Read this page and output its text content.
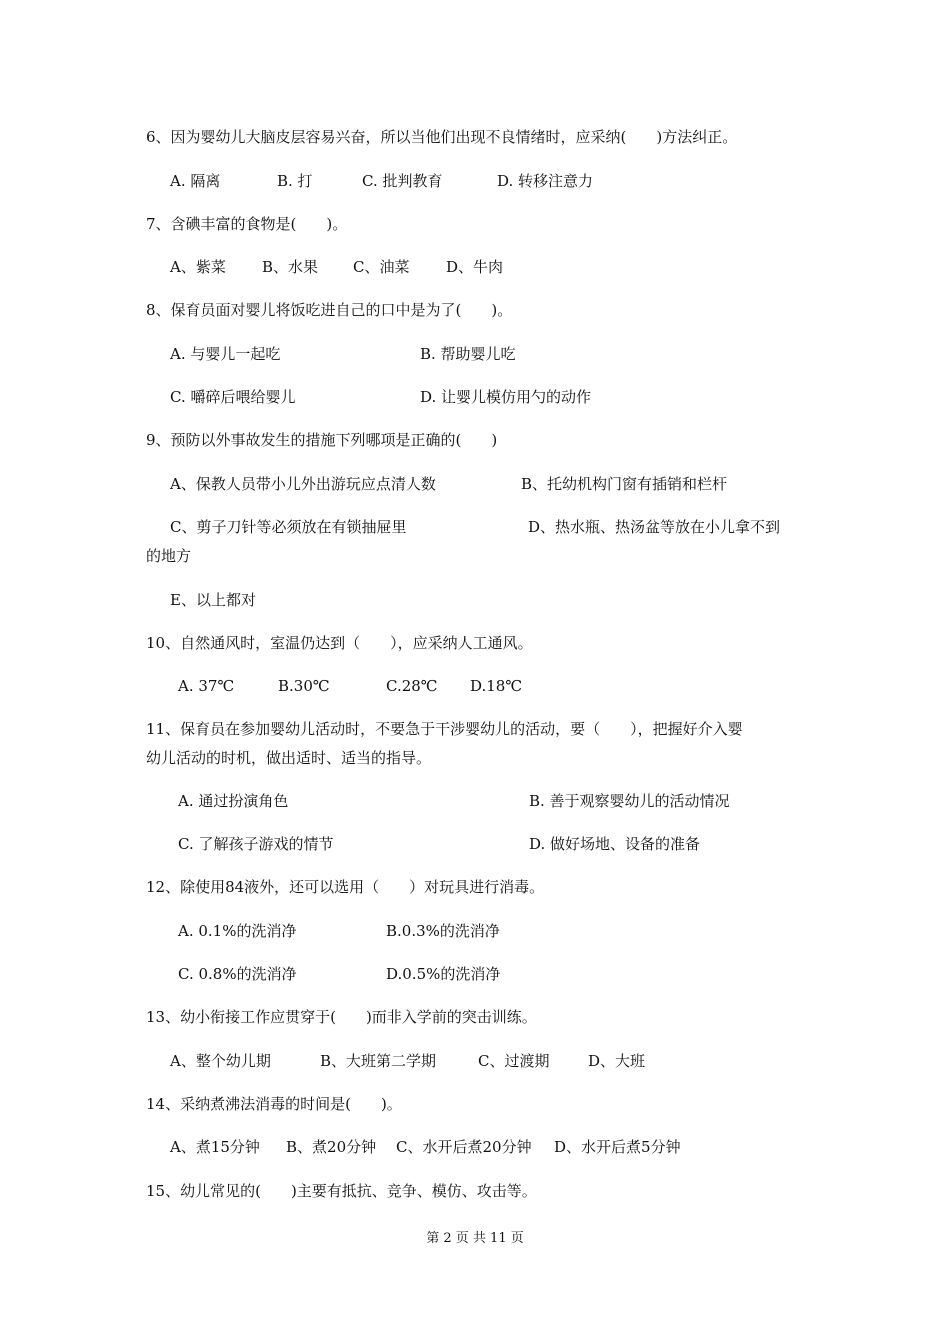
6、因为婴幼儿大脑皮层容易兴奋，所以当他们出现不良情绪时，应采纳(　　)方法纠正。
A. 隔离	B. 打	C. 批判教育	D. 转移注意力
7、含碘丰富的食物是(　　)。
A、紫菜 B、水果 C、油菜 D、牛肉
8、保育员面对婴儿将饭吃进自己的口中是为了(　　)。
A. 与婴儿一起吃	B. 帮助婴儿吃
C. 嚼碎后喂给婴儿	D. 让婴儿模仿用勺的动作
9、预防以外事故发生的措施下列哪项是正确的(　　)
A、保教人员带小儿外出游玩应点清人数	B、托幼机构门窗有插销和栏杆
C、剪子刀针等必须放在有锁抽屉里	D、热水瓶、热汤盆等放在小儿拿不到
的地方
E、以上都对
10、自然通风时，室温仍达到（　　），应采纳人工通风。
A. 37℃	B.30℃	C.28℃ D.18℃
11、保育员在参加婴幼儿活动时，不要急于干涉婴幼儿的活动，要（　　），把握好介入婴
幼儿活动的时机，做出适时、适当的指导。
A. 通过扮演角色	B. 善于观察婴幼儿的活动情况
C. 了解孩子游戏的情节	D. 做好场地、设备的准备
12、除使用84液外，还可以选用（　　）对玩具进行消毒。
A. 0.1%的洗消净	B.0.3%的洗消净
C. 0.8%的洗消净	D.0.5%的洗消净
13、幼小衔接工作应贯穿于(　　)而非入学前的突击训练。
A、整个幼儿期	B、大班第二学期	C、过渡期	D、大班
14、采纳煮沸法消毒的时间是(　　)。
A、煮15分钟 B、煮20分钟 C、水开后煮20分钟 D、水开后煮5分钟
15、幼儿常见的(　　)主要有抵抗、竞争、模仿、攻击等。
第 2 页 共 11 页
